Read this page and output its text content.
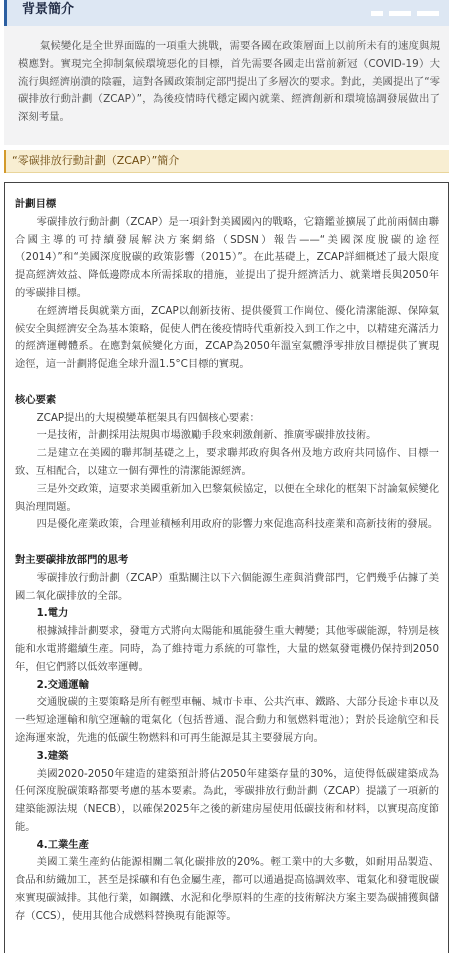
背景簡介
氣候變化是全世界面臨的一項重大挑戰，需要各國在政策層面上以前所未有的速度與規模應對。實現完全抑制氣候環境惡化的目標，首先需要各國走出當前新冠（COVID-19）大流行與經濟崩潰的陰霾，這對各國政策制定部門提出了多層次的要求。對此，美國提出了“零碳排放行動計劃（ZCAP）”，為後疫情時代穩定國內就業、經濟創新和環境協調發展做出了深刻考量。
“零碳排放行動計劃（ZCAP）”簡介
計劃目標
零碳排放行動計劃（ZCAP）是一項針對美國國內的戰略，它籍鑑並擴展了此前兩個由聯合國主導的可持續發展解決方案網絡（SDSN）報告——“美國深度脫碳的途徑（2014）”和“美國深度脫碳的政策影響（2015）”。在此基礎上，ZCAP詳細概述了最大限度提高經濟效益、降低邊際成本所需採取的措施，並提出了提升經濟活力、就業增長與2050年的零碳排目標。
在經濟增長與就業方面，ZCAP以創新技術、提供優質工作崗位、優化清潔能源、保障氣候安全與經濟安全為基本策略，促使人們在後疫情時代重新投入到工作之中，以精建充滿活力的經濟運轉體系。在應對氣候變化方面，ZCAP為2050年溫室氣體淨零排放目標提供了實現途徑，這一計劃將促進全球升溫1.5°C目標的實現。
核心要素
ZCAP提出的大規模變革框架具有四個核心要素：
一是技術，計劃採用法規與市場激勵手段來刺激創新、推廣零碳排放技術。
二是建立在美國的聯邦制基礎之上，要求聯邦政府與各州及地方政府共同協作、目標一致、互相配合，以建立一個有彈性的清潔能源經濟。
三是外交政策，這要求美國重新加入巴黎氣候協定，以便在全球化的框架下討論氣候變化與治理問題。
四是優化產業政策，合理並積極利用政府的影響力來促進高科技產業和高新技術的發展。
對主要碳排放部門的思考
零碳排放行動計劃（ZCAP）重點關注以下六個能源生產與消費部門，它們幾乎佔據了美國二氧化碳排放的全部。
1.電力
根據減排計劃要求，發電方式將向太陽能和風能發生重大轉變；其他零碳能源，特別是核能和水電將繼續生產。同時，為了維持電力系統的可靠性，大量的燃氣發電機仍保持到2050年，但它們將以低效率運轉。
2.交通運輸
交通脫碳的主要策略是所有輕型車輛、城市卡車、公共汽車、鐵路、大部分長途卡車以及一些短途運輸和航空運輸的電氣化（包括普通、混合動力和氫燃料電池）；對於長途航空和長途海運來說，先進的低碳生物燃料和可再生能源是其主要發展方向。
3.建築
美國2020-2050年建造的建築預計將佔2050年建築存量的30%，這使得低碳建築成為任何深度脫碳策略都要考慮的基本要素。為此，零碳排放行動計劃（ZCAP）提議了一項新的建築能源法規（NECB），以確保2025年之後的新建房屋使用低碳技術和材料，以實現高度節能。
4.工業生產
美國工業生產約佔能源相關二氧化碳排放的20%。輕工業中的大多數，如耐用品製造、食品和紡織加工，甚至是採礦和有色金屬生產，都可以通過提高協調效率、電氣化和發電脫碳來實現碳減排。其他行業，如鋼鐵、水泥和化學原料的生產的技術解決方案主要為碳捕獲與儲存（CCS），使用其他合成燃料替換現有能源等。
